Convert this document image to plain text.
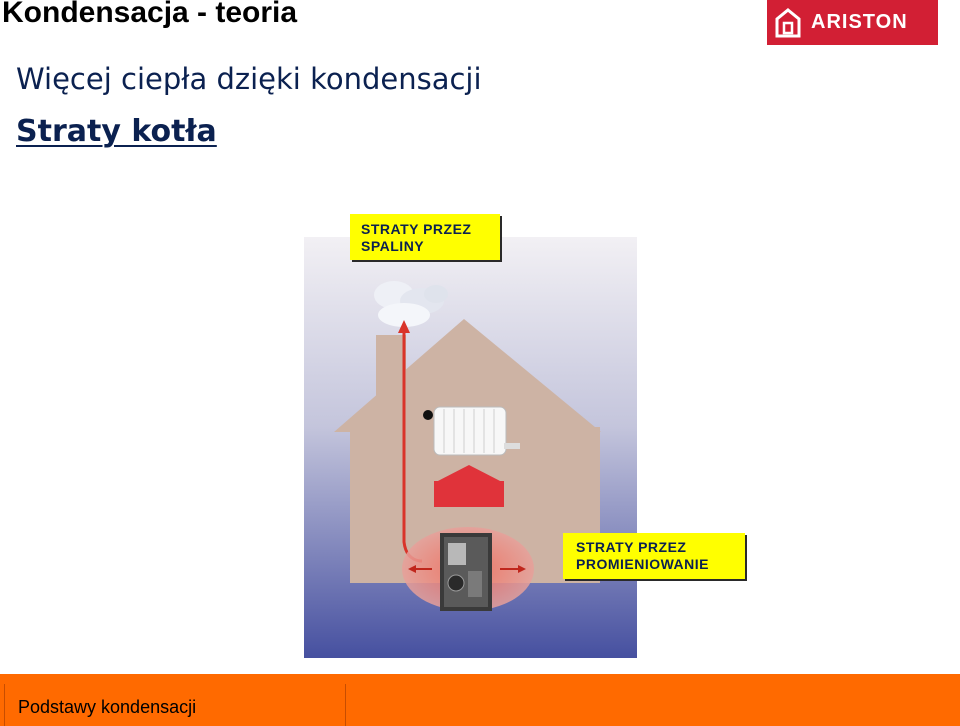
Kondensacja - teoria
Więcej ciepła dzięki kondensacji
Straty kotła
ARISTON
STRATY PRZEZ
SPALINY
STRATY PRZEZ
PROMIENIOWANIE
Podstawy kondensacji
